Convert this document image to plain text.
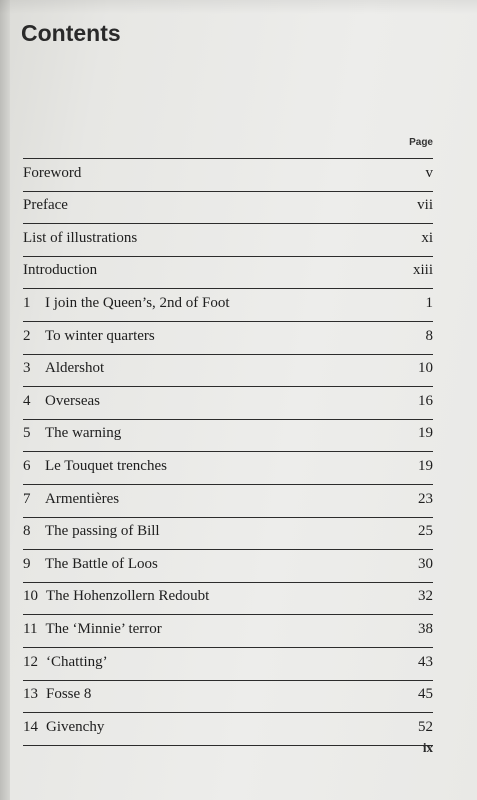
Contents
Page
Foreword	v
Preface	vii
List of illustrations	xi
Introduction	xiii
1 I join the Queen’s, 2nd of Foot	1
2 To winter quarters	8
3 Aldershot	10
4 Overseas	16
5 The warning	19
6 Le Touquet trenches	19
7 Armentières	23
8 The passing of Bill	25
9 The Battle of Loos	30
10 The Hohenzollern Redoubt	32
11 The ‘Minnie’ terror	38
12 ‘Chatting’	43
13 Fosse 8	45
14 Givenchy	52
ix
